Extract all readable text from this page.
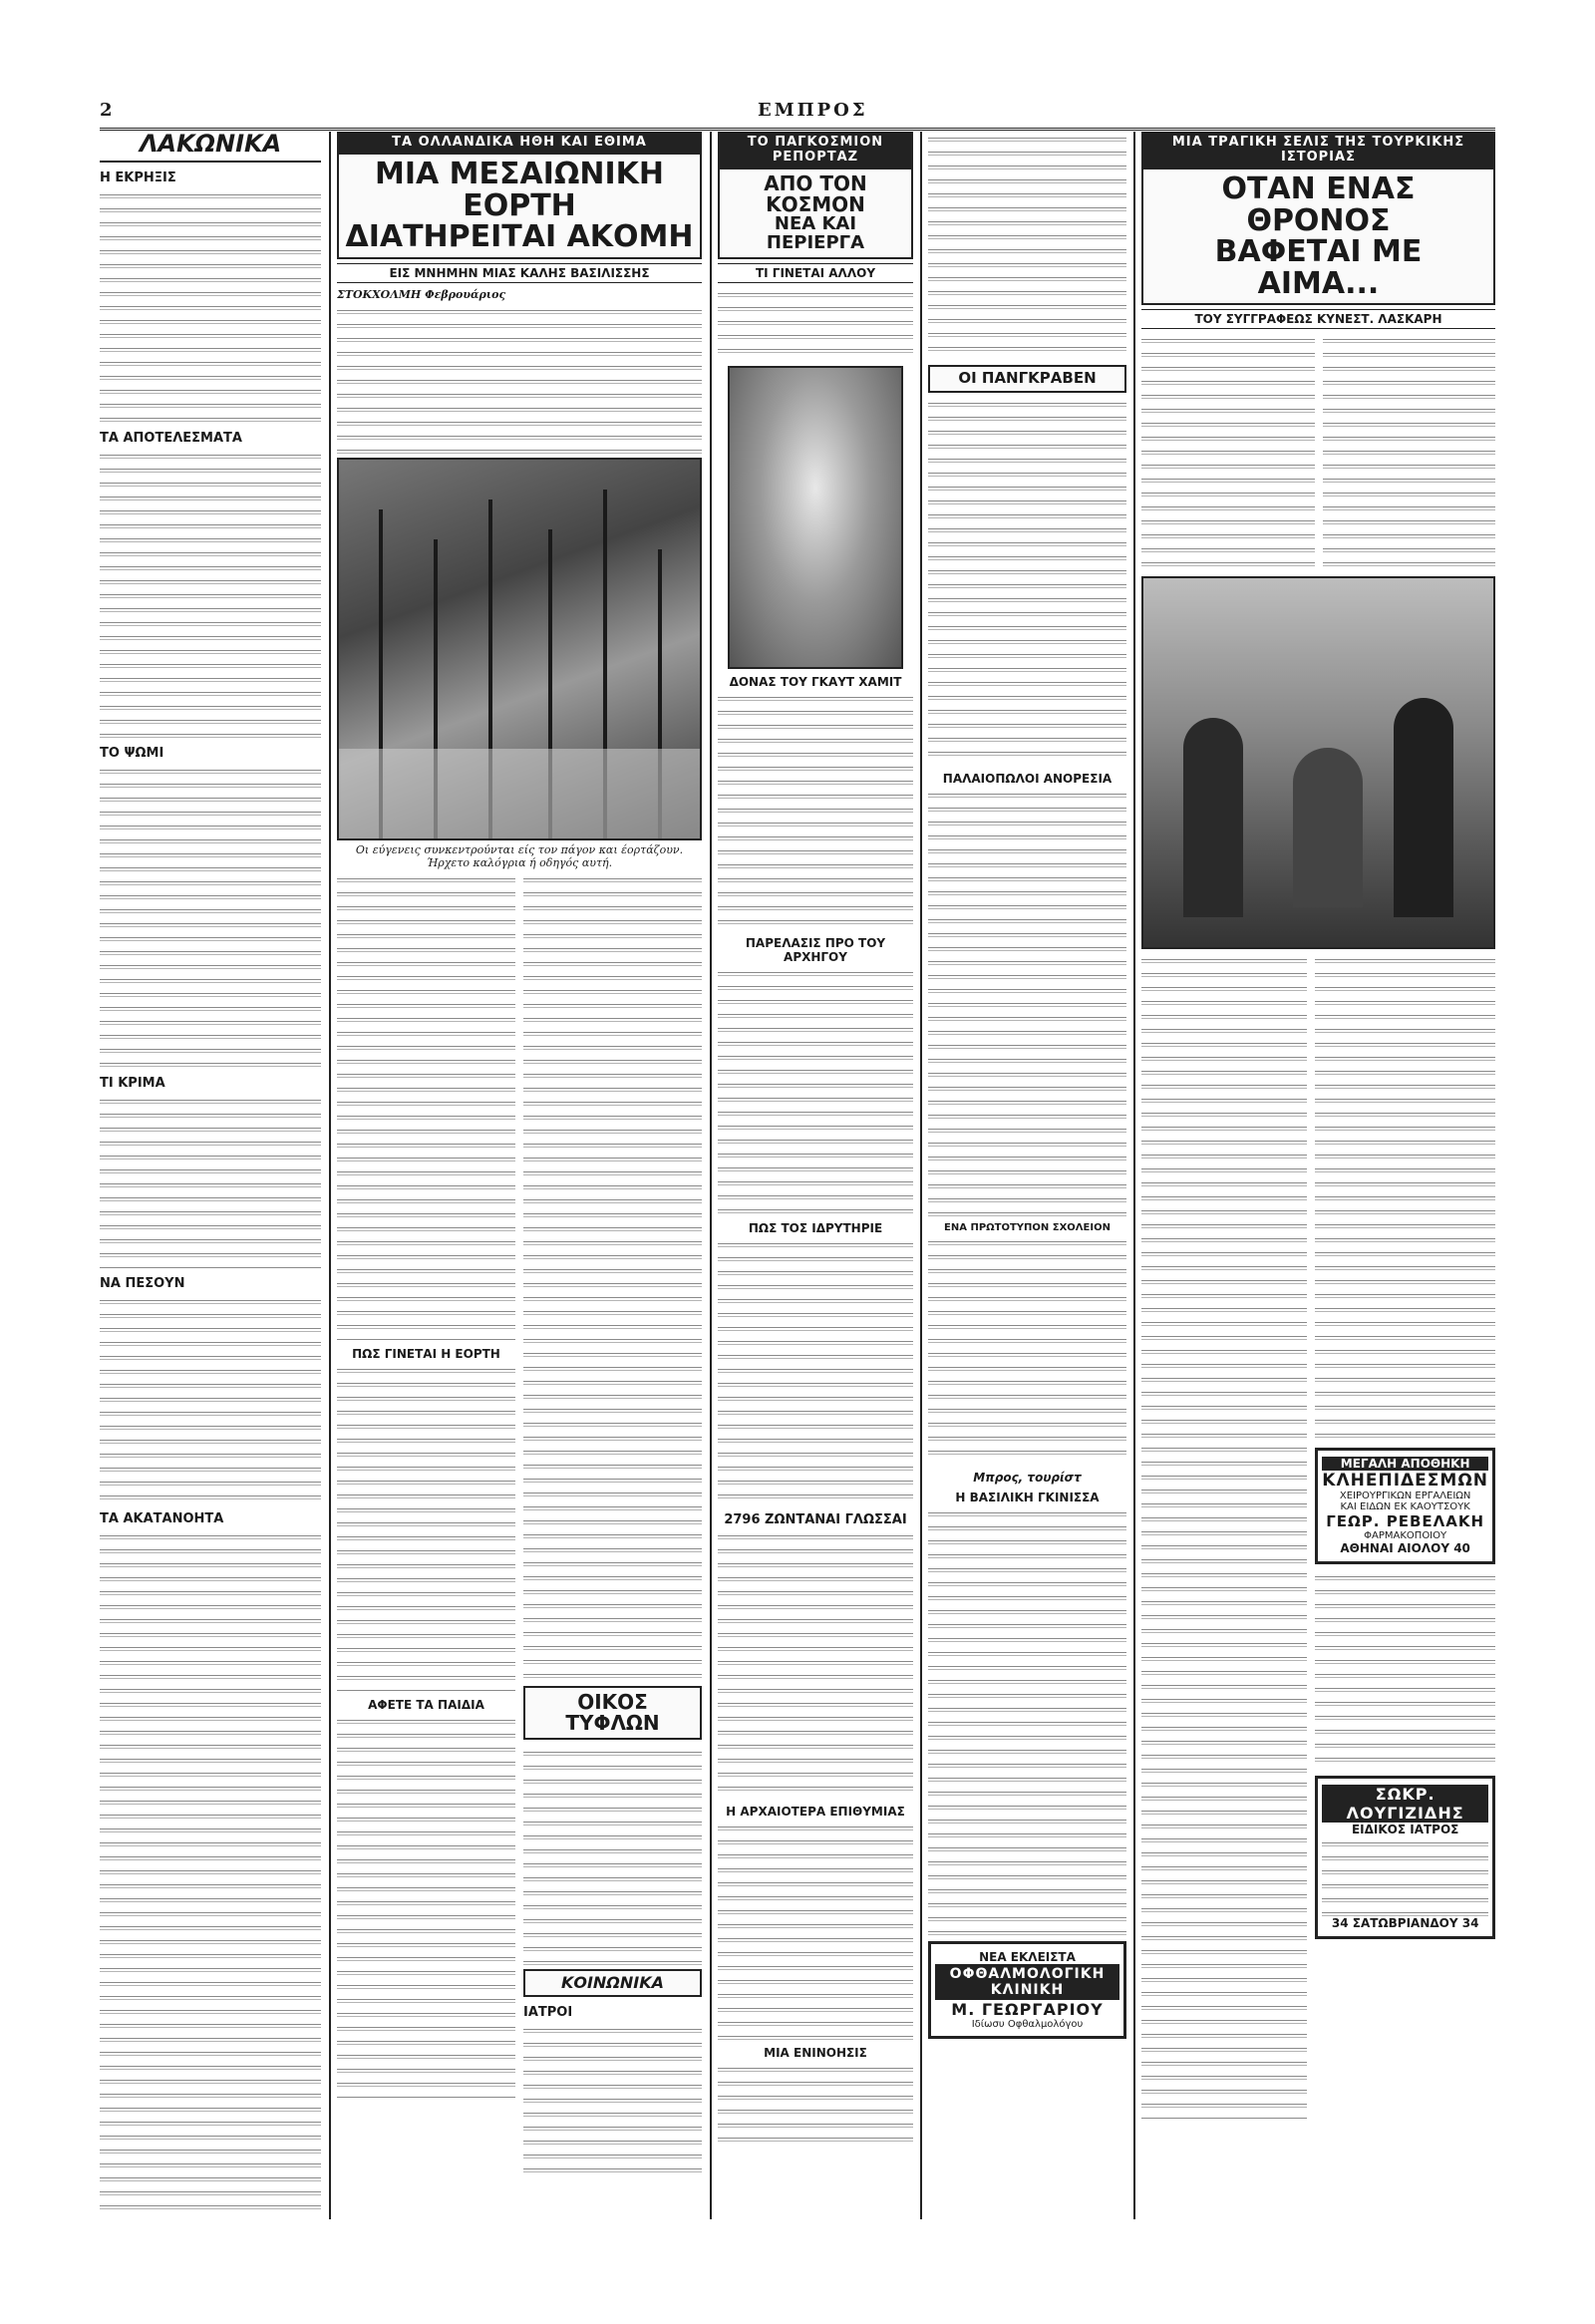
2	ΕΜΠΡΟΣ
ΛΑΚΩΝΙΚΑ
Η ΕΚΡΗΞΙΣ
ΤΑ ΑΠΟΤΕΛΕΣΜΑΤΑ
ΤΟ ΨΩΜΙ
ΤΙ ΚΡΙΜΑ
ΝΑ ΠΕΣΟΥΝ
ΤΑ ΑΚΑΤΑΝΟΗΤΑ
ΤΑ ΟΛΛΑΝΔΙΚΑ ΗΘΗ ΚΑΙ ΕΘΙΜΑ
ΜΙΑ ΜΕΣΑΙΩΝΙΚΗ ΕΟΡΤΗ
ΔΙΑΤΗΡΕΙΤΑΙ ΑΚΟΜΗ
ΕΙΣ ΜΝΗΜΗΝ ΜΙΑΣ ΚΑΛΗΣ ΒΑΣΙΛΙΣΣΗΣ
ΣΤΟΚΧΟΛΜΗ Φεβρουάριος
Οι εύγενεις συνκεντρούνται είς τον πάγον και έορτάζουν. Ήρχετο καλόγρια ή οδηγός αυτή.
ΠΩΣ ΓΙΝΕΤΑΙ Η ΕΟΡΤΗ
ΑΦΕΤΕ ΤΑ ΠΑΙΔΙΑ	ΟΙΚΟΣ ΤΥΦΛΩΝ
ΚΟΙΝΩΝΙΚΑ
ΙΑΤΡΟΙ
ΤΟ ΠΑΓΚΟΣΜΙΟΝ ΡΕΠΟΡΤΑΖ
ΑΠΟ ΤΟΝ ΚΟΣΜΟΝ
ΝΕΑ ΚΑΙ ΠΕΡΙΕΡΓΑ
ΤΙ ΓΙΝΕΤΑΙ ΑΛΛΟΥ
ΔΟΝΑΣ ΤΟΥ ΓΚΑΥΤ ΧΑΜΙΤ
ΠΑΡΕΛΑΣΙΣ ΠΡΟ ΤΟΥ ΑΡΧΗΓΟΥ
ΠΩΣ ΤΟΣ ΙΔΡΥΤΗΡΙΕ
2796 ΖΩΝΤΑΝΑΙ ΓΛΩΣΣΑΙ
Η ΑΡΧΑΙΟΤΕΡΑ ΕΠΙΘΥΜΙΑΣ
ΜΙΑ ΕΝΙΝΟΗΣΙΣ
ΟΙ ΠΑΝΓΚΡΑΒΕΝ
ΠΑΛΑΙΟΠΩΛΟΙ ΑΝΟΡΕΣΙΑ
ΕΝΑ ΠΡΩΤΟΤΥΠΟΝ ΣΧΟΛΕΙΟΝ
Μπρος, τουρίστ
Η ΒΑΣΙΛΙΚΗ ΓΚΙΝΙΣΣΑ
ΝΕΑ ΕΚΛΕΙΣΤΑ
ΟΦΘΑΛΜΟΛΟΓΙΚΗ ΚΛΙΝΙΚΗ
Μ. ΓΕΩΡΓΑΡΙΟΥ
Ιδίωσυ Οφθαλμολόγου
ΜΙΑ ΤΡΑΓΙΚΗ ΣΕΛΙΣ ΤΗΣ ΤΟΥΡΚΙΚΗΣ ΙΣΤΟΡΙΑΣ
ΟΤΑΝ ΕΝΑΣ ΘΡΟΝΟΣ
ΒΑΦΕΤΑΙ ΜΕ ΑΙΜΑ...
ΤΟΥ ΣΥΓΓΡΑΦΕΩΣ ΚΥΝΕΣΤ. ΛΑΣΚΑΡΗ
ΜΕΓΑΛΗ ΑΠΟΘΗΚΗ
ΚΛΗΕΠΙΔΕΣΜΩΝ
ΧΕΙΡΟΥΡΓΙΚΩΝ ΕΡΓΑΛΕΙΩΝ
ΚΑΙ ΕΙΔΩΝ ΕΚ ΚΑΟΥΤΣΟΥΚ
ΓΕΩΡ. ΡΕΒΕΛΑΚΗ
ΦΑΡΜΑΚΟΠΟΙΟΥ
ΑΘΗΝΑΙ ΑΙΟΛΟΥ 40
ΣΩΚΡ. ΛΟΥΓΙΖΙΔΗΣ
ΕΙΔΙΚΟΣ ΙΑΤΡΟΣ
34 ΣΑΤΩΒΡΙΑΝΔΟΥ 34
